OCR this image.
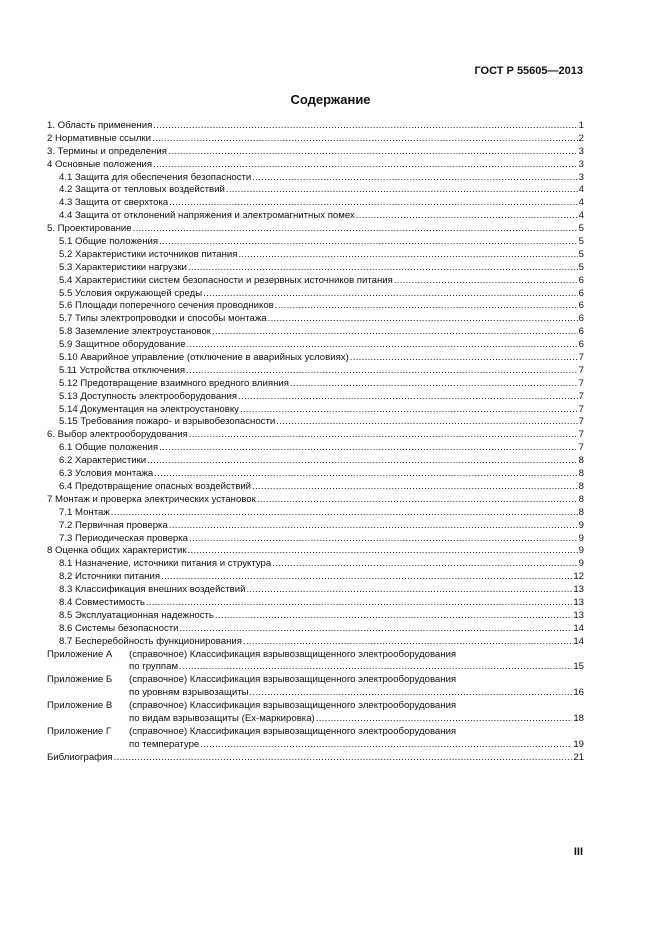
ГОСТ Р 55605—2013
Содержание
1. Область применения .....	1
2 Нормативные ссылки .....	2
3. Термины и определения .....	3
4 Основные положения .....	3
4.1 Защита для обеспечения безопасности .....	3
4.2 Защита от тепловых воздействий .....	4
4.3 Защита от сверхтока .....	4
4.4 Защита от отклонений напряжения и электромагнитных помех .....	4
5. Проектирование .....	5
5.1 Общие положения .....	5
5.2 Характеристики источников питания .....	5
5.3 Характеристики нагрузки .....	5
5.4 Характеристики систем безопасности и резервных источников питания .....	6
5.5 Условия окружающей среды .....	6
5.6 Площади поперечного сечения проводников .....	6
5.7 Типы электропроводки и способы монтажа .....	6
5.8 Заземление электроустановок .....	6
5.9 Защитное оборудование .....	6
5.10 Аварийное управление (отключение в аварийных условиях) .....	7
5.11 Устройства отключения .....	7
5.12 Предотвращение взаимного вредного влияния .....	7
5.13 Доступность электрооборудования .....	7
5.14 Документация на электроустановку .....	7
5.15 Требования пожаро- и взрывобезопасности .....	7
6. Выбор электрооборудования .....	7
6.1 Общие положения .....	7
6.2 Характеристики .....	8
6.3 Условия монтажа .....	8
6.4 Предотвращение опасных воздействий .....	8
7 Монтаж и проверка электрических установок .....	8
7.1 Монтаж .....	8
7.2 Первичная проверка .....	9
7.3 Периодическая проверка .....	9
8 Оценка общих характеристик .....	9
8.1 Назначение, источники питания и структура .....	9
8.2 Источники питания .....	12
8.3 Классификация внешних воздействий .....	13
8.4 Совместимость .....	13
8.5 Эксплуатационная надежность .....	13
8.6 Системы безопасности .....	14
8.7 Бесперебойность функционирования .....	14
Приложение А	(справочное) Классификация взрывозащищенного электрооборудования
по группам .....	15
Приложение Б	(справочное) Классификация взрывозащищенного электрооборудования
по уровням взрывозащиты .....	16
Приложение В	(справочное) Классификация взрывозащищенного электрооборудования
по видам взрывозащиты (Ех-маркировка) .....	18
Приложение Г	(справочное) Классификация взрывозащищенного электрооборудования
по температуре .....	19
Библиография .....	21
III
